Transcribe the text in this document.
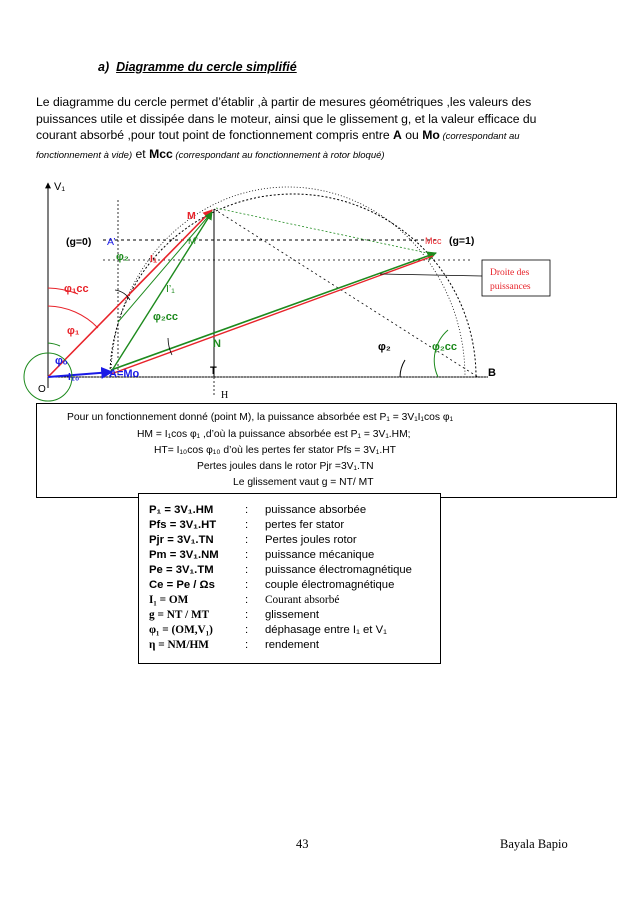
a) Diagramme du cercle simplifié
Le diagramme du cercle permet d’établir ,à partir de mesures géométriques ,les valeurs des
puissances utile et dissipée dans le moteur, ainsi que le glissement g, et la valeur efficace du
courant absorbé ,pour tout point de fonctionnement compris entre A ou Mo (correspondant au
fonctionnement à vide) et Mcc (correspondant au fonctionnement à rotor bloqué)
Droite des
puissances
V₁
(g=0) A’
M
M’
φ₂ I₁
I’₁
Mcc (g=1)
φ₁cc
φ₂cc
φ₁
φₒ
N	φ₂	φ₂cc
O
I₁₀	A=Mo	T	B
H
Pour un fonctionnement donné (point M), la puissance absorbée est P₁ = 3V₁I₁cos φ₁
HM = I₁cos φ₁ ,d’où la puissance absorbée est P₁ = 3V₁.HM;
HT= I₁₀cos φ₁₀ d’où les pertes fer stator Pfs = 3V₁.HT
Pertes joules dans le rotor Pjr =3V₁.TN
Le glissement vaut g = NT/ MT
P₁ = 3V₁.HM	: puissance absorbée
Pfs = 3V₁.HT	: pertes fer stator
Pjr = 3V₁.TN	: Pertes joules rotor
Pm = 3V₁.NM : puissance mécanique
Pe = 3V₁.TM	: puissance électromagnétique
Ce = Pe / Ωs	: couple électromagnétique
I₁ = OM	: Courant absorbé
g = NT / MT	: glissement
φ₁ = (OM,V₁)	: déphasage entre I₁ et V₁
η = NM/HM	: rendement
43	Bayala Bapio
